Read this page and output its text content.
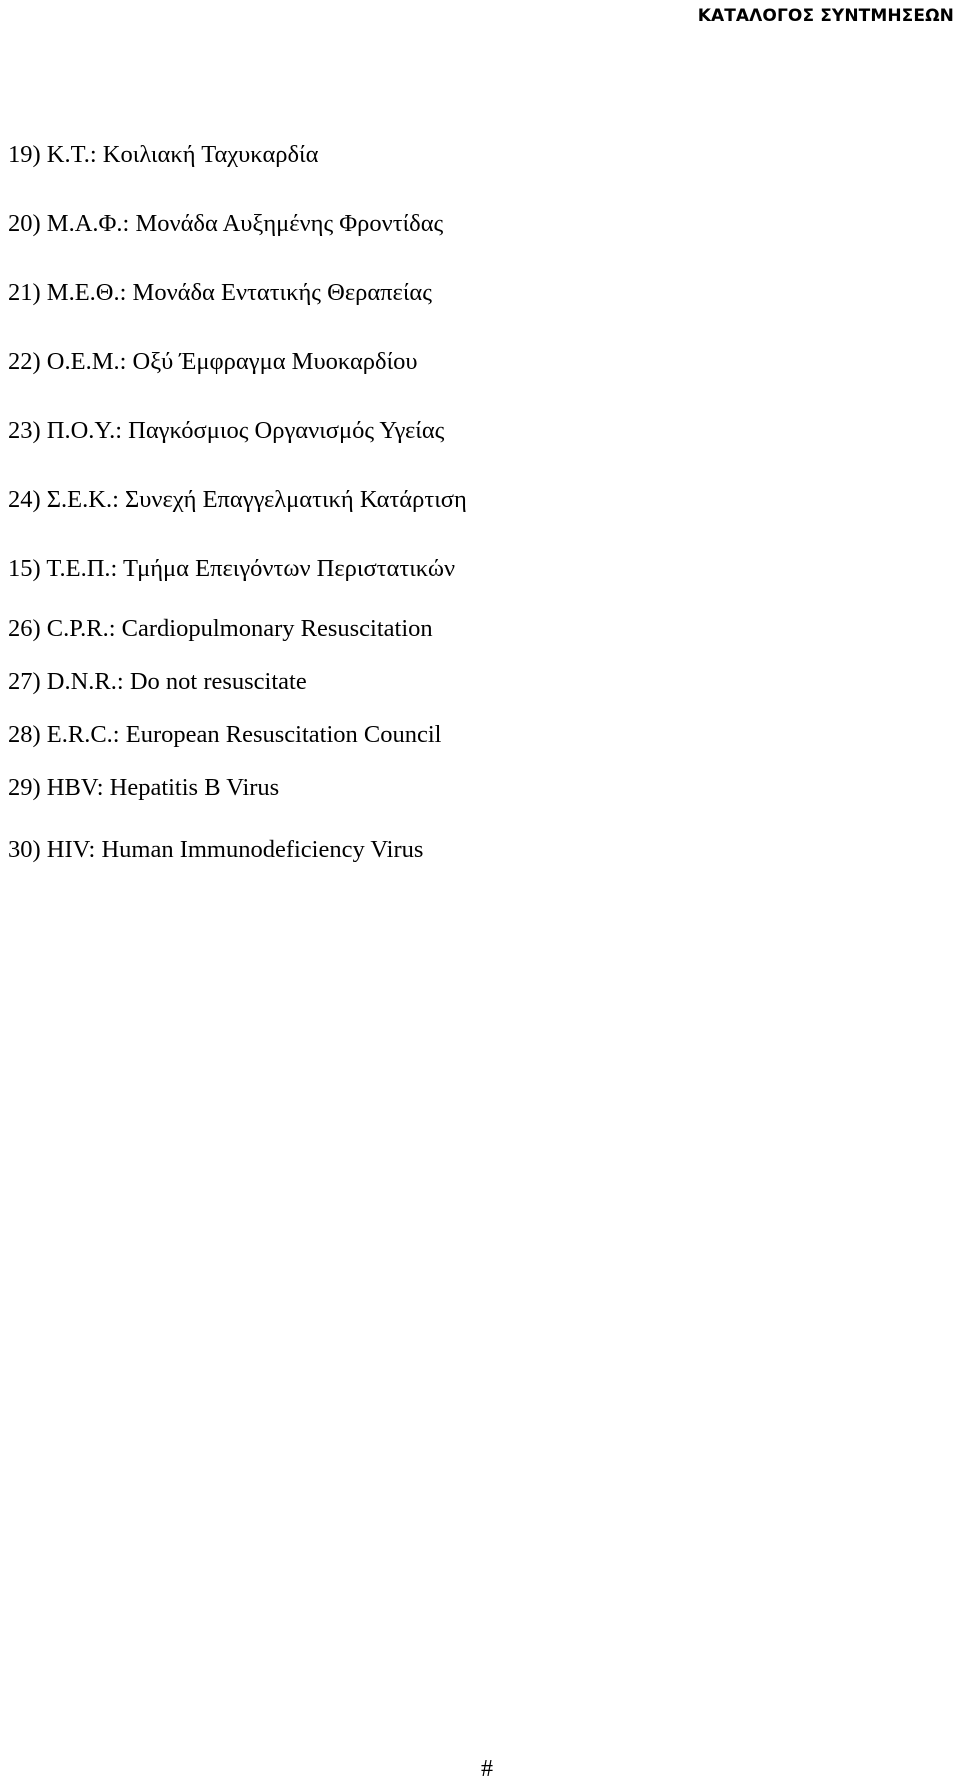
ΚΑΤΑΛΟΓΟΣ ΣΥΝΤΜΗΣΕΩΝ
19) Κ.Τ.: Κοιλιακή Ταχυκαρδία
20) Μ.Α.Φ.: Μονάδα Αυξημένης Φροντίδας
21) Μ.Ε.Θ.: Μονάδα Εντατικής Θεραπείας
22) Ο.Ε.Μ.: Οξύ Έμφραγμα Μυοκαρδίου
23) Π.Ο.Υ.: Παγκόσμιος Οργανισμός Υγείας
24) Σ.Ε.Κ.: Συνεχή Επαγγελματική Κατάρτιση
15) Τ.Ε.Π.: Τμήμα Επειγόντων Περιστατικών
26) C.P.R.: Cardiopulmonary Resuscitation
27) D.N.R.: Do not resuscitate
28) E.R.C.: European Resuscitation Council
29) HBV: Hepatitis B Virus
30) HIV: Human Immunodeficiency Virus
#
